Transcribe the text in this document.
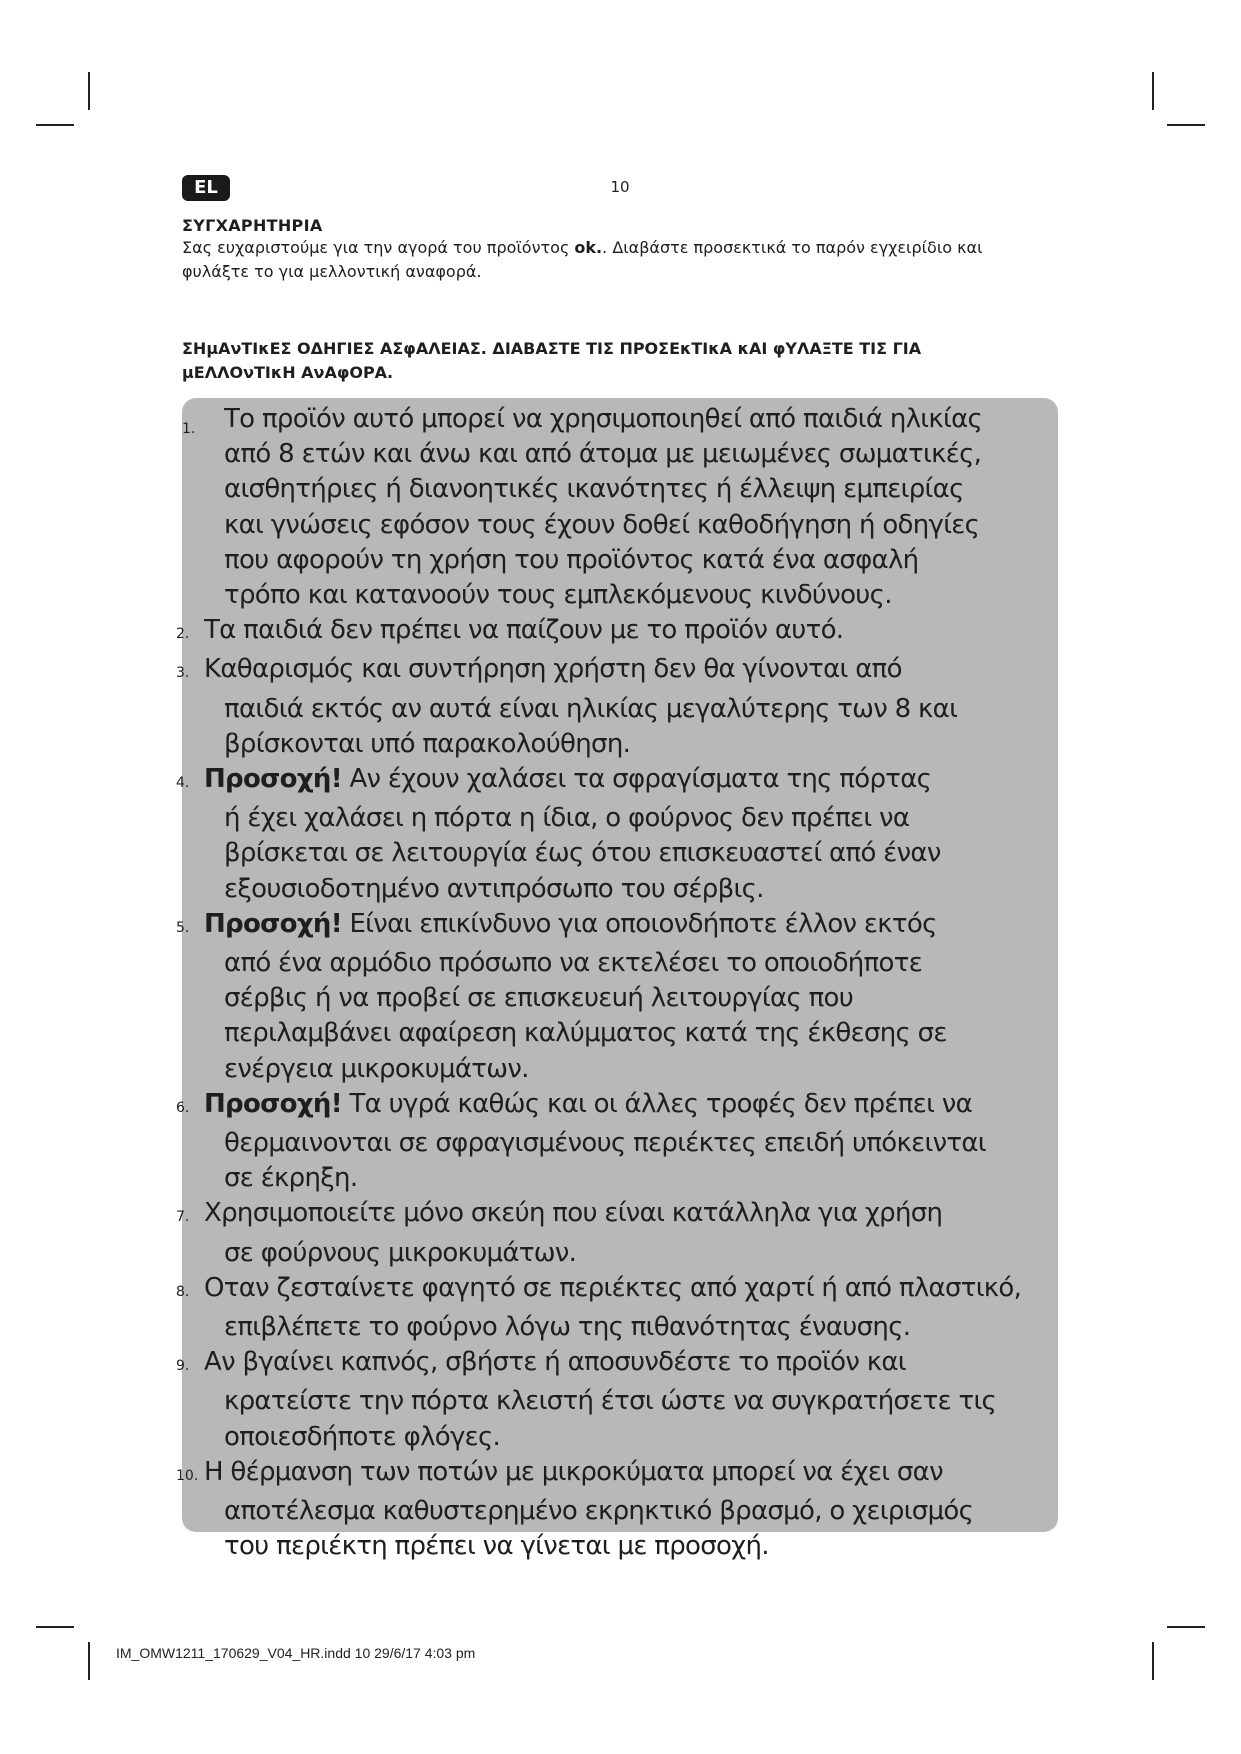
EL	10
ΣΥΓΧΑΡΗΤΗΡΙΑ
Σας ευχαριστούμε για την αγορά του προϊόντος ok.. Διαβάστε προσεκτικά το παρόν εγχειρίδιο και
φυλάξτε το για μελλοντική αναφορά.
ΣΗμΑνΤΙκΕΣ ΟΔΗΓΙΕΣ ΑΣφΑΛΕΙΑΣ. ΔΙΑΒΑΣΤΕ ΤΙΣ ΠΡΟΣΕκΤΙκΑ κΑΙ φΥΛΑΞΤΕ ΤΙΣ ΓΙΑ
μΕΛΛΟνΤΙκΗ ΑνΑφΟΡΑ.
1. Το προϊόν αυτό μπορεί να χρησιμοποιηθεί από παιδιά ηλικίας
από 8 ετών και άνω και από άτομα με μειωμένες σωματικές,
αισθητήριες ή διανοητικές ικανότητες ή έλλειψη εμπειρίας
και γνώσεις εφόσον τους έχουν δοθεί καθοδήγηση ή οδηγίες
που αφορούν τη χρήση του προϊόντος κατά ένα ασφαλή
τρόπο και κατανοούν τους εμπλεκόμενους κινδύνους.
2. Τα παιδιά δεν πρέπει να παίζουν με το προϊόν αυτό.
3. Καθαρισμός και συντήρηση χρήστη δεν θα γίνονται από
παιδιά εκτός αν αυτά είναι ηλικίας μεγαλύτερης των 8 και
βρίσκονται υπό παρακολούθηση.
4. Προσοχή! Αν έχουν χαλάσει τα σφραγίσματα της πόρτας
ή έχει χαλάσει η πόρτα η ίδια, ο φούρνος δεν πρέπει να
βρίσκεται σε λειτουργία έως ότου επισκευαστεί από έναν
εξουσιοδοτημένο αντιπρόσωπο του σέρβις.
5. Προσοχή! Είναι επικίνδυνο για οποιονδήποτε έλλον εκτός
από ένα αρμόδιο πρόσωπο να εκτελέσει το οποιοδήποτε
σέρβις ή να προβεί σε επισκευεuή λειτουργίας που
περιλαμβάνει αφαίρεση καλύμματος κατά της έκθεσης σε
ενέργεια μικροκυμάτων.
6. Προσοχή! Τα υγρά καθώς και οι άλλες τροφές δεν πρέπει να
θερμαινονται σε σφραγισμένους περιέκτες επειδή υπόκεινται
σε έκρηξη.
7. Χρησιμοποιείτε μόνο σκεύη που είναι κατάλληλα για χρήση
σε φούρνους μικροκυμάτων.
8. Οταν ζεσταίνετε φαγητό σε περιέκτες από χαρτί ή από πλαστικό,
επιβλέπετε το φούρνο λόγω της πιθανότητας έναυσης.
9. Αν βγαίνει καπνός, σβήστε ή αποσυνδέστε το προϊόν και
κρατείστε την πόρτα κλειστή έτσι ώστε να συγκρατήσετε τις
οποιεσδήποτε φλόγες.
10. Η θέρμανση των ποτών με μικροκύματα μπορεί να έχει σαν
αποτέλεσμα καθυστερημένο εκρηκτικό βρασμό, ο χειρισμός
του περιέκτη πρέπει να γίνεται με προσοχή.
IM_OMW1211_170629_V04_HR.indd 10 29/6/17 4:03 pm
